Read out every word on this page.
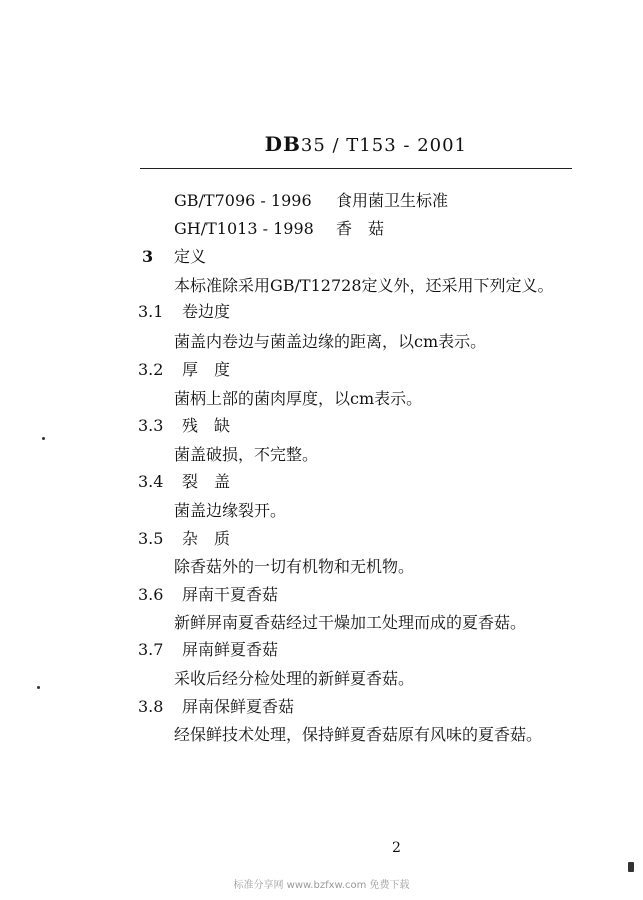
DB35 / T153 - 2001
GB/T7096 - 1996 食用菌卫生标准
GH/T1013 - 1998 香　菇
3 定义
本标准除采用GB/T12728定义外，还采用下列定义。
3.1 卷边度
菌盖内卷边与菌盖边缘的距离，以cm表示。
3.2 厚　度
菌柄上部的菌肉厚度，以cm表示。
3.3 残　缺
菌盖破损，不完整。
3.4 裂　盖
菌盖边缘裂开。
3.5 杂　质
除香菇外的一切有机物和无机物。
3.6 屏南干夏香菇
新鲜屏南夏香菇经过干燥加工处理而成的夏香菇。
3.7 屏南鲜夏香菇
采收后经分检处理的新鲜夏香菇。
3.8 屏南保鲜夏香菇
经保鲜技术处理，保持鲜夏香菇原有风味的夏香菇。
2
标准分享网 www.bzfxw.com 免费下载
